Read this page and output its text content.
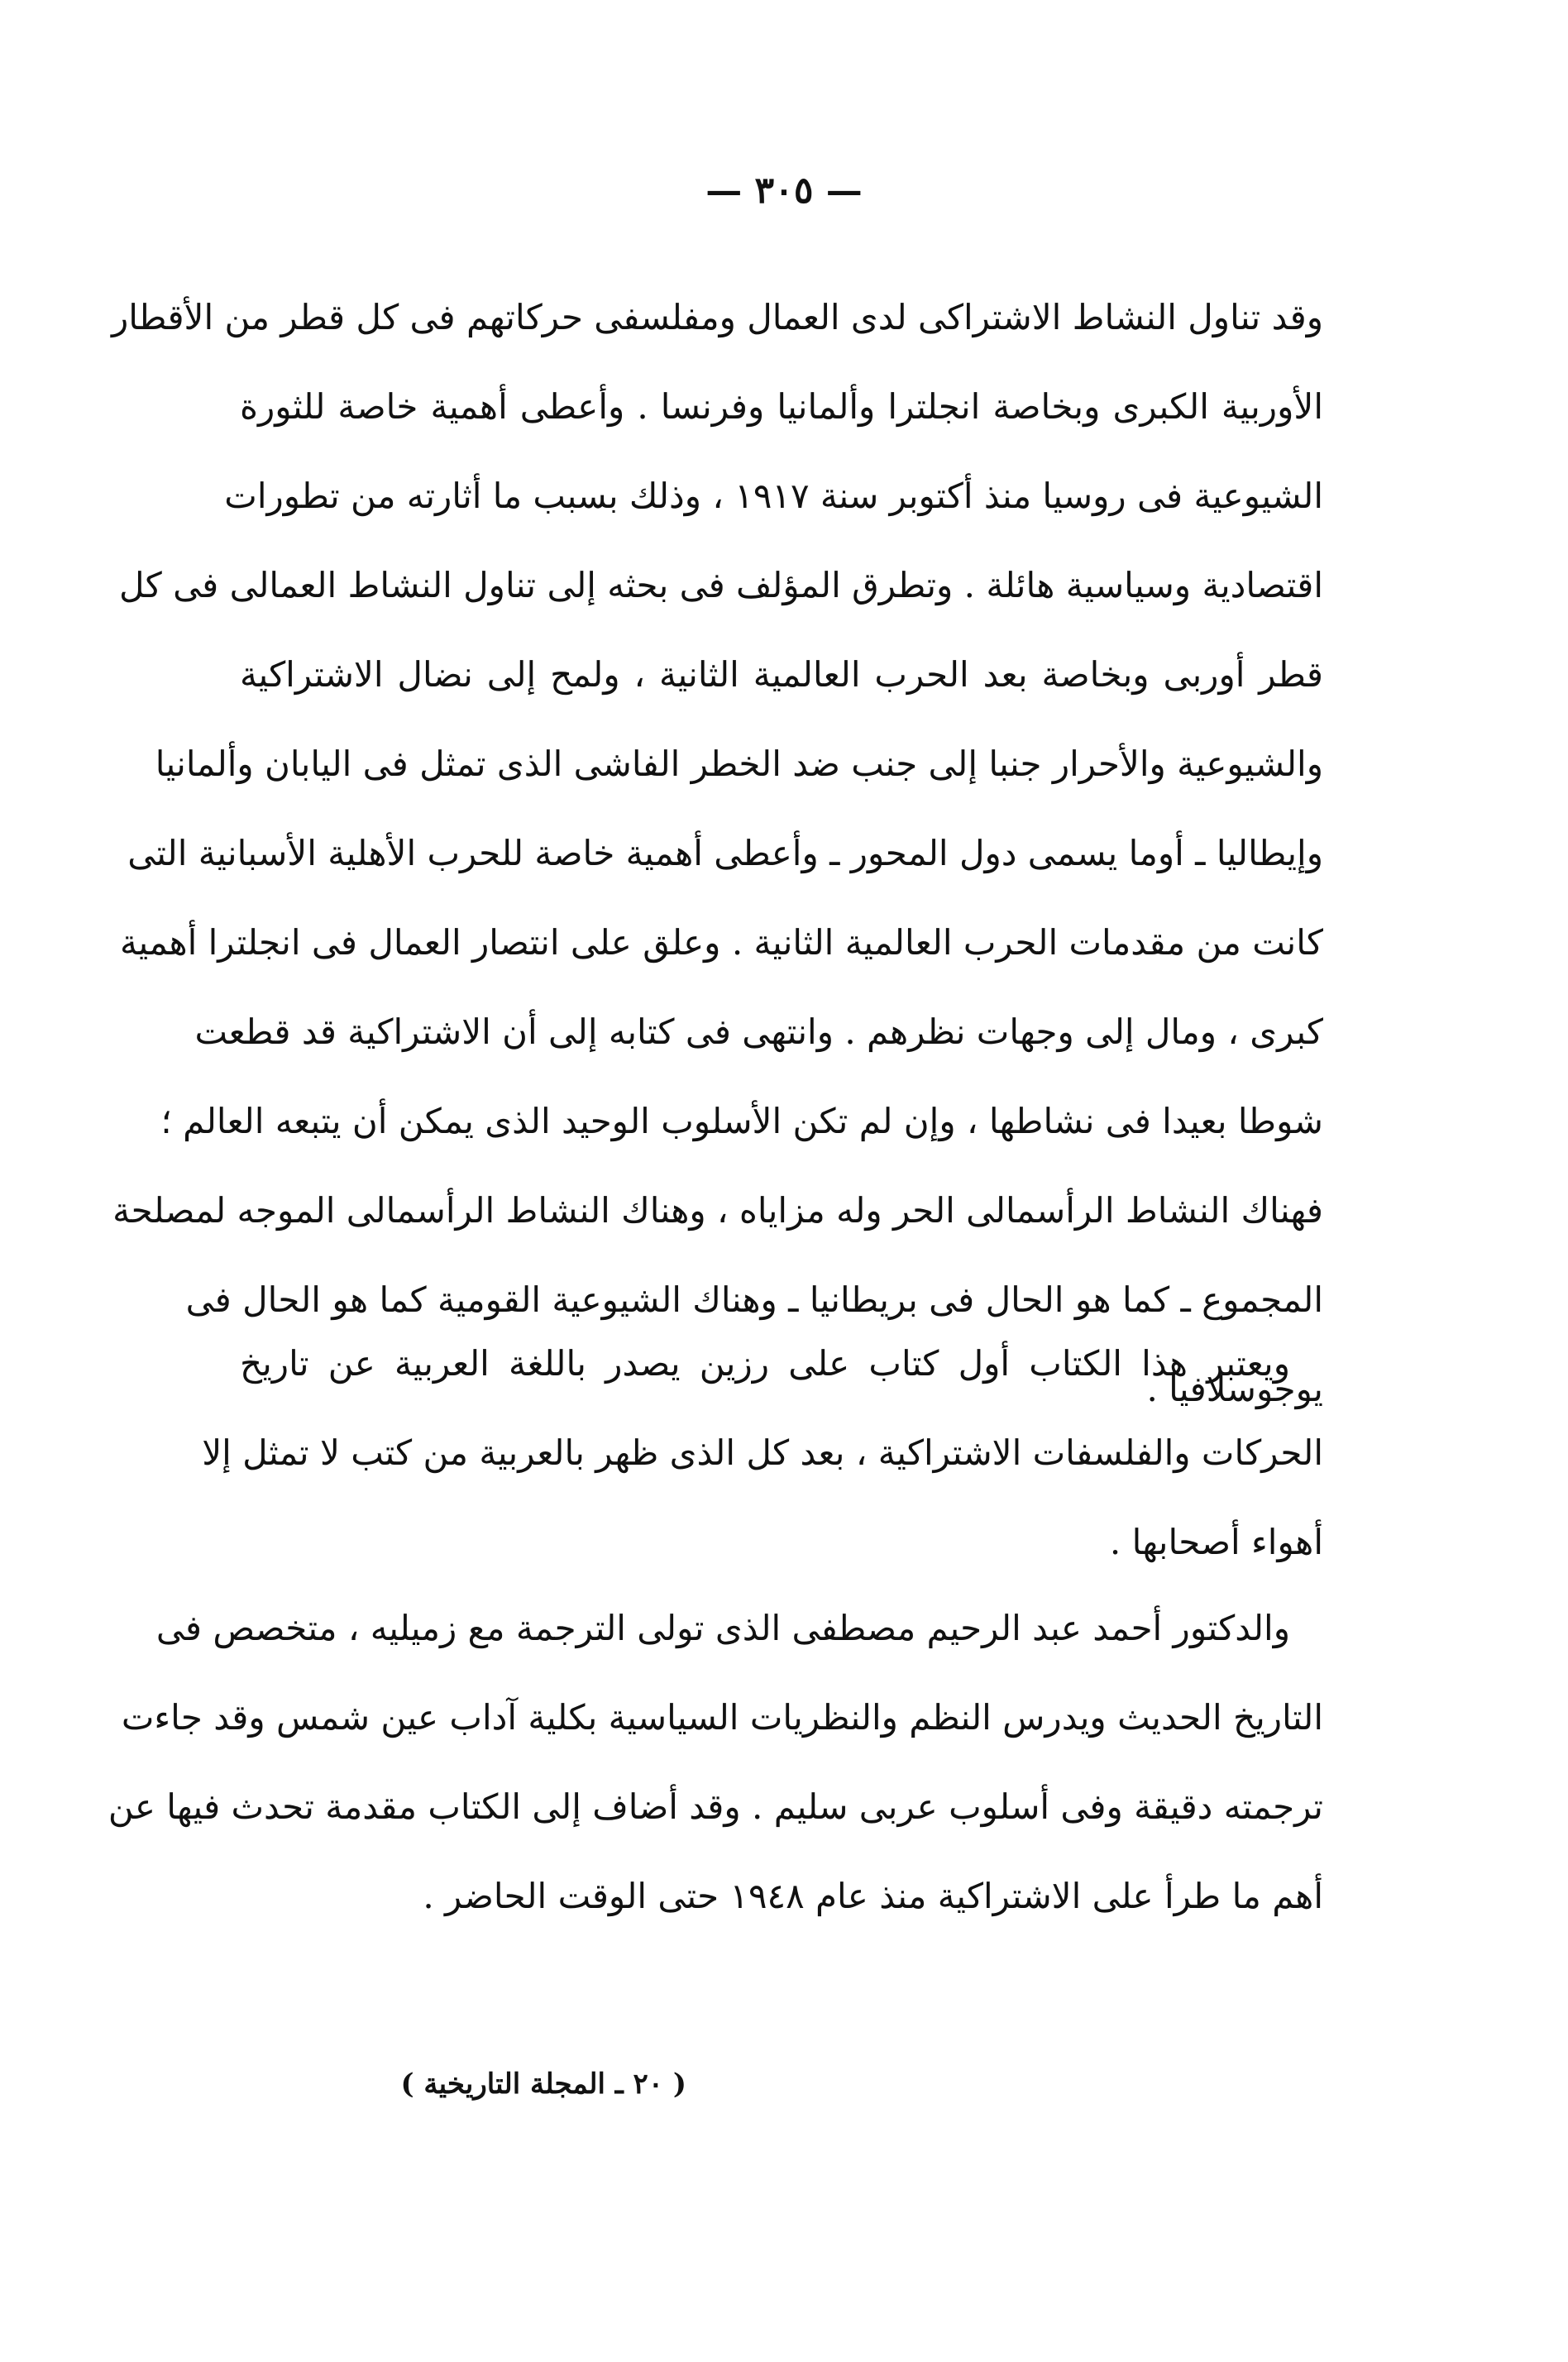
— ٣٠٥ —
وقد تناول النشاط الاشتراكى لدى العمال ومفلسفى حركاتهم فى كل قطر من الأقطار
الأوربية الكبرى وبخاصة انجلترا وألمانيا وفرنسا . وأعطى أهمية خاصة للثورة
الشيوعية فى روسيا منذ أكتوبر سنة ١٩١٧ ، وذلك بسبب ما أثارته من تطورات
اقتصادية وسياسية هائلة . وتطرق المؤلف فى بحثه إلى تناول النشاط العمالى فى كل
قطر أوربى وبخاصة بعد الحرب العالمية الثانية ، ولمح إلى نضال الاشتراكية
والشيوعية والأحرار جنبا إلى جنب ضد الخطر الفاشى الذى تمثل فى اليابان وألمانيا
وإيطاليا ـ أوما يسمى دول المحور ـ وأعطى أهمية خاصة للحرب الأهلية الأسبانية التى
كانت من مقدمات الحرب العالمية الثانية . وعلق على انتصار العمال فى انجلترا أهمية
كبرى ، ومال إلى وجهات نظرهم . وانتهى فى كتابه إلى أن الاشتراكية قد قطعت
شوطا بعيدا فى نشاطها ، وإن لم تكن الأسلوب الوحيد الذى يمكن أن يتبعه العالم ؛
فهناك النشاط الرأسمالى الحر وله مزاياه ، وهناك النشاط الرأسمالى الموجه لمصلحة
المجموع ـ كما هو الحال فى بريطانيا ـ وهناك الشيوعية القومية كما هو الحال فى
يوجوسلافيا .
ويعتبر هذا الكتاب أول كتاب على رزين يصدر باللغة العربية عن تاريخ
الحركات والفلسفات الاشتراكية ، بعد كل الذى ظهر بالعربية من كتب لا تمثل إلا
أهواء أصحابها .
والدكتور أحمد عبد الرحيم مصطفى الذى تولى الترجمة مع زميليه ، متخصص فى
التاريخ الحديث ويدرس النظم والنظريات السياسية بكلية آداب عين شمس وقد جاءت
ترجمته دقيقة وفى أسلوب عربى سليم . وقد أضاف إلى الكتاب مقدمة تحدث فيها عن
أهم ما طرأ على الاشتراكية منذ عام ١٩٤٨ حتى الوقت الحاضر .
( ٢٠ ـ المجلة التاريخية )
